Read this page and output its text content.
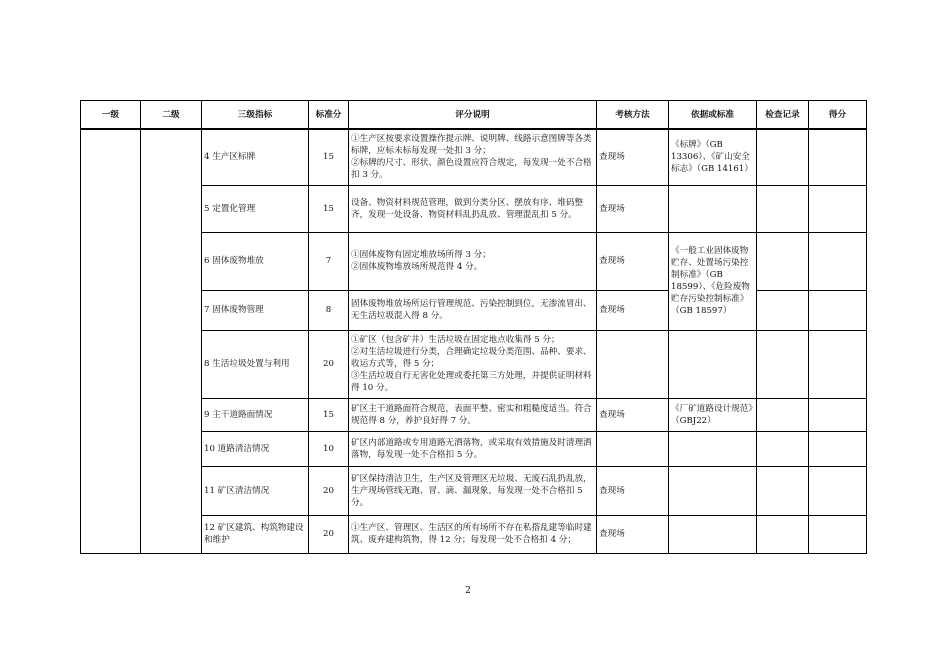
一级	二级	三级指标	标准分	评分说明	考核方法	依据或标准	检查记录	得分
		4 生产区标牌	15	①生产区按要求设置操作提示牌、说明牌、线路示意图牌等各类标牌，应标未标每发现一处扣 3 分；
②标牌的尺寸、形状、颜色设置应符合规定，每发现一处不合格扣 3 分。	查现场	《标牌》（GB 13306）、《矿山安全标志》（GB 14161）		
		5 定置化管理	15	设备、物资材料规范管理，做到分类分区、摆放有序、堆码整齐，发现一处设备、物资材料乱扔乱放、管理混乱扣 5 分。	查现场			
		6 固体废物堆放	7	①固体废物有固定堆放场所得 3 分；
②固体废物堆放场所规范得 4 分。	查现场	《一般工业固体废物贮存、处置场污染控制标准》（GB 18599）、《危险废物贮存污染控制标准》（GB 18597）		
		7 固体废物管理	8	固体废物堆放场所运行管理规范、污染控制到位，无渗流冒出、无生活垃圾混入得 8 分。	查现场			
		8 生活垃圾处置与利用	20	①矿区（包含矿井）生活垃圾在固定地点收集得 5 分；
②对生活垃圾进行分类，合理确定垃圾分类范围、品种、要求、收运方式等，得 5 分；
③生活垃圾自行无害化处理或委托第三方处理，并提供证明材料得 10 分。				
		9 主干道路面情况	15	矿区主干道路面符合规范，表面平整、密实和粗糙度适当。符合规范得 8 分，养护良好得 7 分。	查现场	《厂矿道路设计规范》（GBJ22）		
		10 道路清洁情况	10	矿区内部道路或专用道路无洒落物，或采取有效措施及时清理洒落物，每发现一处不合格扣 5 分。				
		11 矿区清洁情况	20	矿区保持清洁卫生，生产区及管理区无垃圾、无废石乱扔乱放，生产现场管线无跑、冒、滴、漏现象，每发现一处不合格扣 5 分。	查现场			
		12 矿区建筑、构筑物建设和维护	20	①生产区、管理区、生活区的所有场所不存在私搭乱建等临时建筑、废弃建构筑物，得 12 分；每发现一处不合格扣 4 分；	查现场			
2
